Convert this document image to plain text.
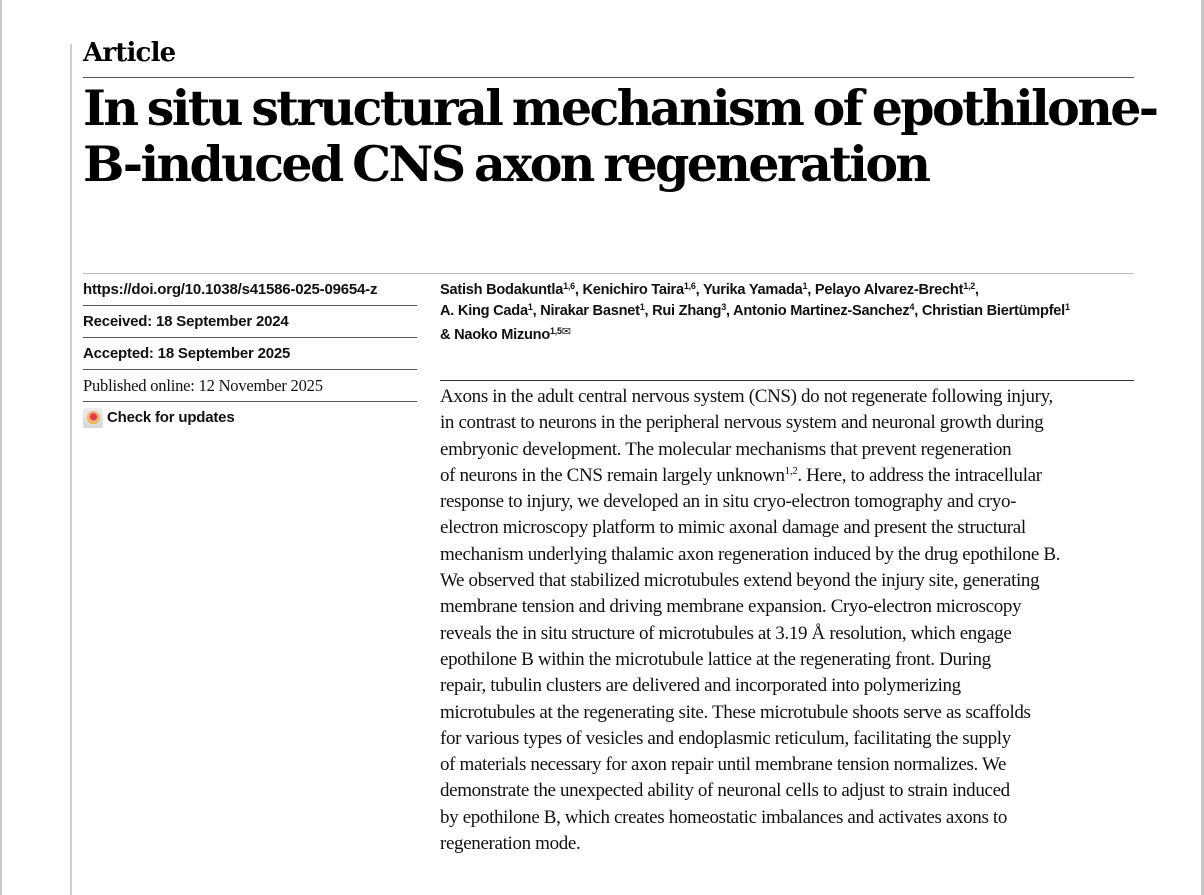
Article
In situ structural mechanism of epothilone-
B-induced CNS axon regeneration
https://doi.org/10.1038/s41586-025-09654-z
Received: 18 September 2024
Accepted: 18 September 2025
Published online: 12 November 2025
Check for updates
Satish Bodakuntla$^{1,6}$, Kenichiro Taira$^{1,6}$, Yurika Yamada$^1$, Pelayo Alvarez-Brecht$^{1,2}$,
A. King Cada$^1$, Nirakar Basnet$^1$, Rui Zhang$^3$, Antonio Martinez-Sanchez$^4$, Christian Biertümpfel$^1$
& Naoko Mizuno$^{1,5✉}$
Axons in the adult central nervous system (CNS) do not regenerate following injury,
in contrast to neurons in the peripheral nervous system and neuronal growth during
embryonic development. The molecular mechanisms that prevent regeneration
of neurons in the CNS remain largely unknown$^{1,2}$. Here, to address the intracellular
response to injury, we developed an in situ cryo-electron tomography and cryo-
electron microscopy platform to mimic axonal damage and present the structural
mechanism underlying thalamic axon regeneration induced by the drug epothilone B.
We observed that stabilized microtubules extend beyond the injury site, generating
membrane tension and driving membrane expansion. Cryo-electron microscopy
reveals the in situ structure of microtubules at 3.19 Å resolution, which engage
epothilone B within the microtubule lattice at the regenerating front. During
repair, tubulin clusters are delivered and incorporated into polymerizing
microtubules at the regenerating site. These microtubule shoots serve as scaffolds
for various types of vesicles and endoplasmic reticulum, facilitating the supply
of materials necessary for axon repair until membrane tension normalizes. We
demonstrate the unexpected ability of neuronal cells to adjust to strain induced
by epothilone B, which creates homeostatic imbalances and activates axons to
regeneration mode.
